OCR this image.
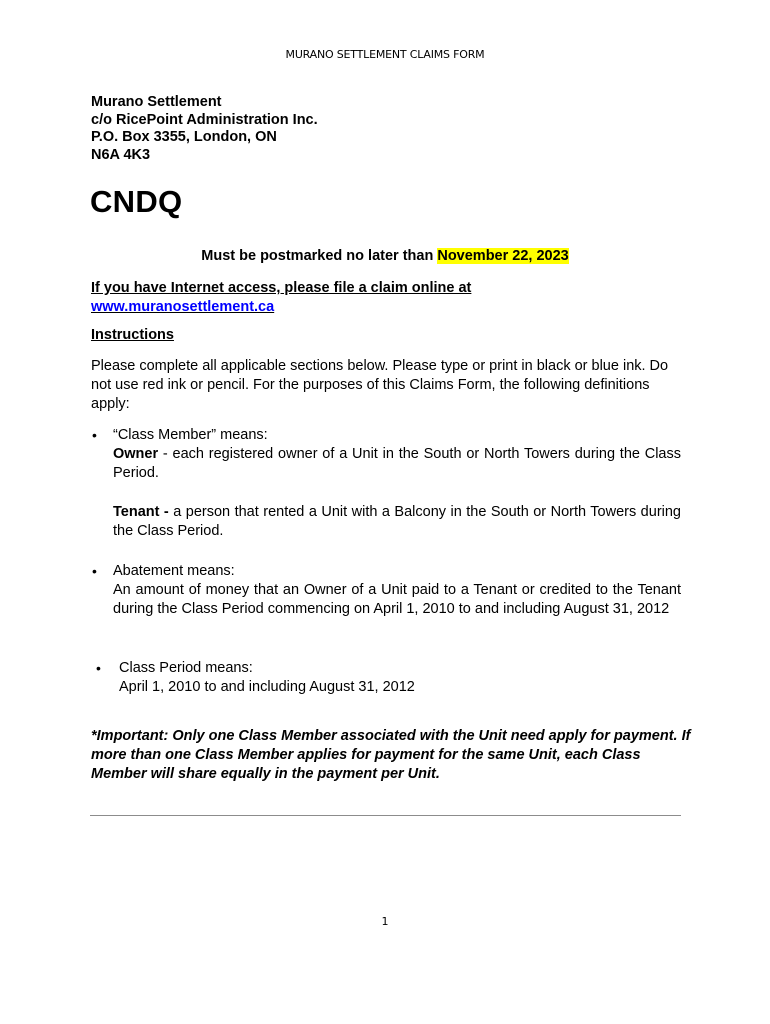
MURANO SETTLEMENT CLAIMS FORM
Murano Settlement
c/o RicePoint Administration Inc.
P.O. Box 3355, London, ON
N6A 4K3
CNDQ
Must be postmarked no later than November 22, 2023
If you have Internet access, please file a claim online at
www.muranosettlement.ca
Instructions
Please complete all applicable sections below. Please type or print in black or blue ink. Do not use red ink or pencil. For the purposes of this Claims Form, the following definitions apply:
• “Class Member” means:
Owner - each registered owner of a Unit in the South or North Towers during the Class Period.
Tenant - a person that rented a Unit with a Balcony in the South or North Towers during the Class Period.
• Abatement means:
An amount of money that an Owner of a Unit paid to a Tenant or credited to the Tenant during the Class Period commencing on April 1, 2010 to and including August 31, 2012
• Class Period means:
April 1, 2010 to and including August 31, 2012
*Important: Only one Class Member associated with the Unit need apply for payment. If more than one Class Member applies for payment for the same Unit, each Class Member will share equally in the payment per Unit.
1
